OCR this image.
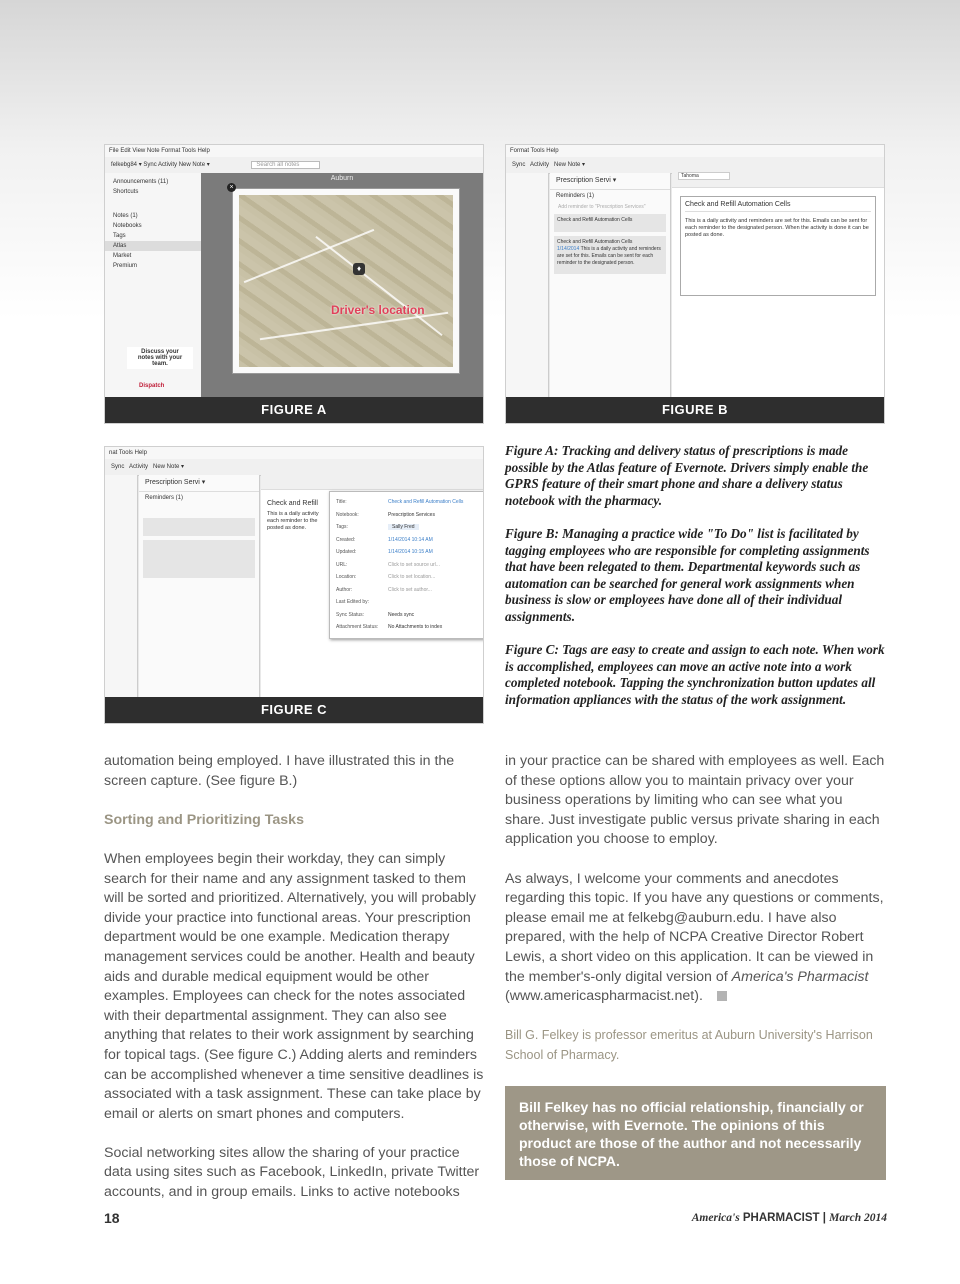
File Edit View Note Format Tools Help
felkebg84 ▾ Sync Activity New Note ▾	Search all notes
Announcements (11)
Shortcuts
Notes (1)
Notebooks
Tags
Atlas
Market
Premium
Discuss your notes with your team.
Dispatch
Auburn
♦
Driver's location
×
FIGURE A
Format Tools Help
Sync   Activity   New Note ▾
Prescription Servi ▾
Reminders (1)
Add reminder to "Prescription Services"
Check and Refill Automation Cells
Check and Refill Automation Cells
1/14/2014 This is a daily activity and reminders are set for this. Emails can be sent for each reminder to the designated person.
Tahoma
Check and Refill Automation Cells
This is a daily activity and reminders are set for this. Emails can be sent for each reminder to the designated person. When the activity is done it can be posted as done.
FIGURE B
nat Tools Help
Sync   Activity   New Note ▾
Prescription Servi ▾
Reminders (1)
Check and Refill
This is a daily activity each reminder to the posted as done.
Title:	Check and Refill Automation Cells
Notebook:	Prescription Services
Tags:	Sally Fred
Created:	1/14/2014 10:14 AM
Updated:	1/14/2014 10:15 AM
URL:	Click to set source url...
Location:	Click to set location...
Author:	Click to set author...
Last Edited by:
Sync Status:	Needs sync
Attachment Status: No Attachments to index
FIGURE C

Figure A: Tracking and delivery status of prescriptions is made possible by the Atlas feature of Evernote. Drivers simply enable the GPRS feature of their smart phone and share a delivery status notebook with the pharmacy.

Figure B: Managing a practice wide "To Do" list is facilitated by tagging employees who are responsible for completing assignments that have been relegated to them. Departmental keywords such as automation can be searched for general work assignments when business is slow or employees have done all of their individual assignments.

Figure C: Tags are easy to create and assign to each note. When work is accomplished, employees can move an active note into a work completed notebook. Tapping the synchronization button updates all information appliances with the status of the work assignment.

automation being employed. I have illustrated this in the screen capture. (See figure B.)

Sorting and Prioritizing Tasks

When employees begin their workday, they can simply search for their name and any assignment tasked to them will be sorted and prioritized. Alternatively, you will probably divide your practice into functional areas. Your prescription department would be one example. Medication therapy management services could be another. Health and beauty aids and durable medical equipment would be other examples. Employees can check for the notes associated with their departmental assignment. They can also see anything that relates to their work assignment by searching for topical tags. (See figure C.) Adding alerts and reminders can be accomplished whenever a time sensitive deadlines is associated with a task assignment. These can take place by email or alerts on smart phones and computers.

Social networking sites allow the sharing of your practice data using sites such as Facebook, LinkedIn, private Twitter accounts, and in group emails. Links to active notebooks

in your practice can be shared with employees as well. Each of these options allow you to maintain privacy over your business operations by limiting who can see what you share. Just investigate public versus private sharing in each application you choose to employ.

As always, I welcome your comments and anecdotes regarding this topic. If you have any questions or comments, please email me at felkebg@auburn.edu. I have also prepared, with the help of NCPA Creative Director Robert Lewis, a short video on this application. It can be viewed in the member's-only digital version of America's Pharmacist (www.americaspharmacist.net).

Bill G. Felkey is professor emeritus at Auburn University's Harrison School of Pharmacy.

Bill Felkey has no official relationship, financially or otherwise, with Evernote. The opinions of this product are those of the author and not necessarily those of NCPA.
18	America's PHARMACIST | March 2014
